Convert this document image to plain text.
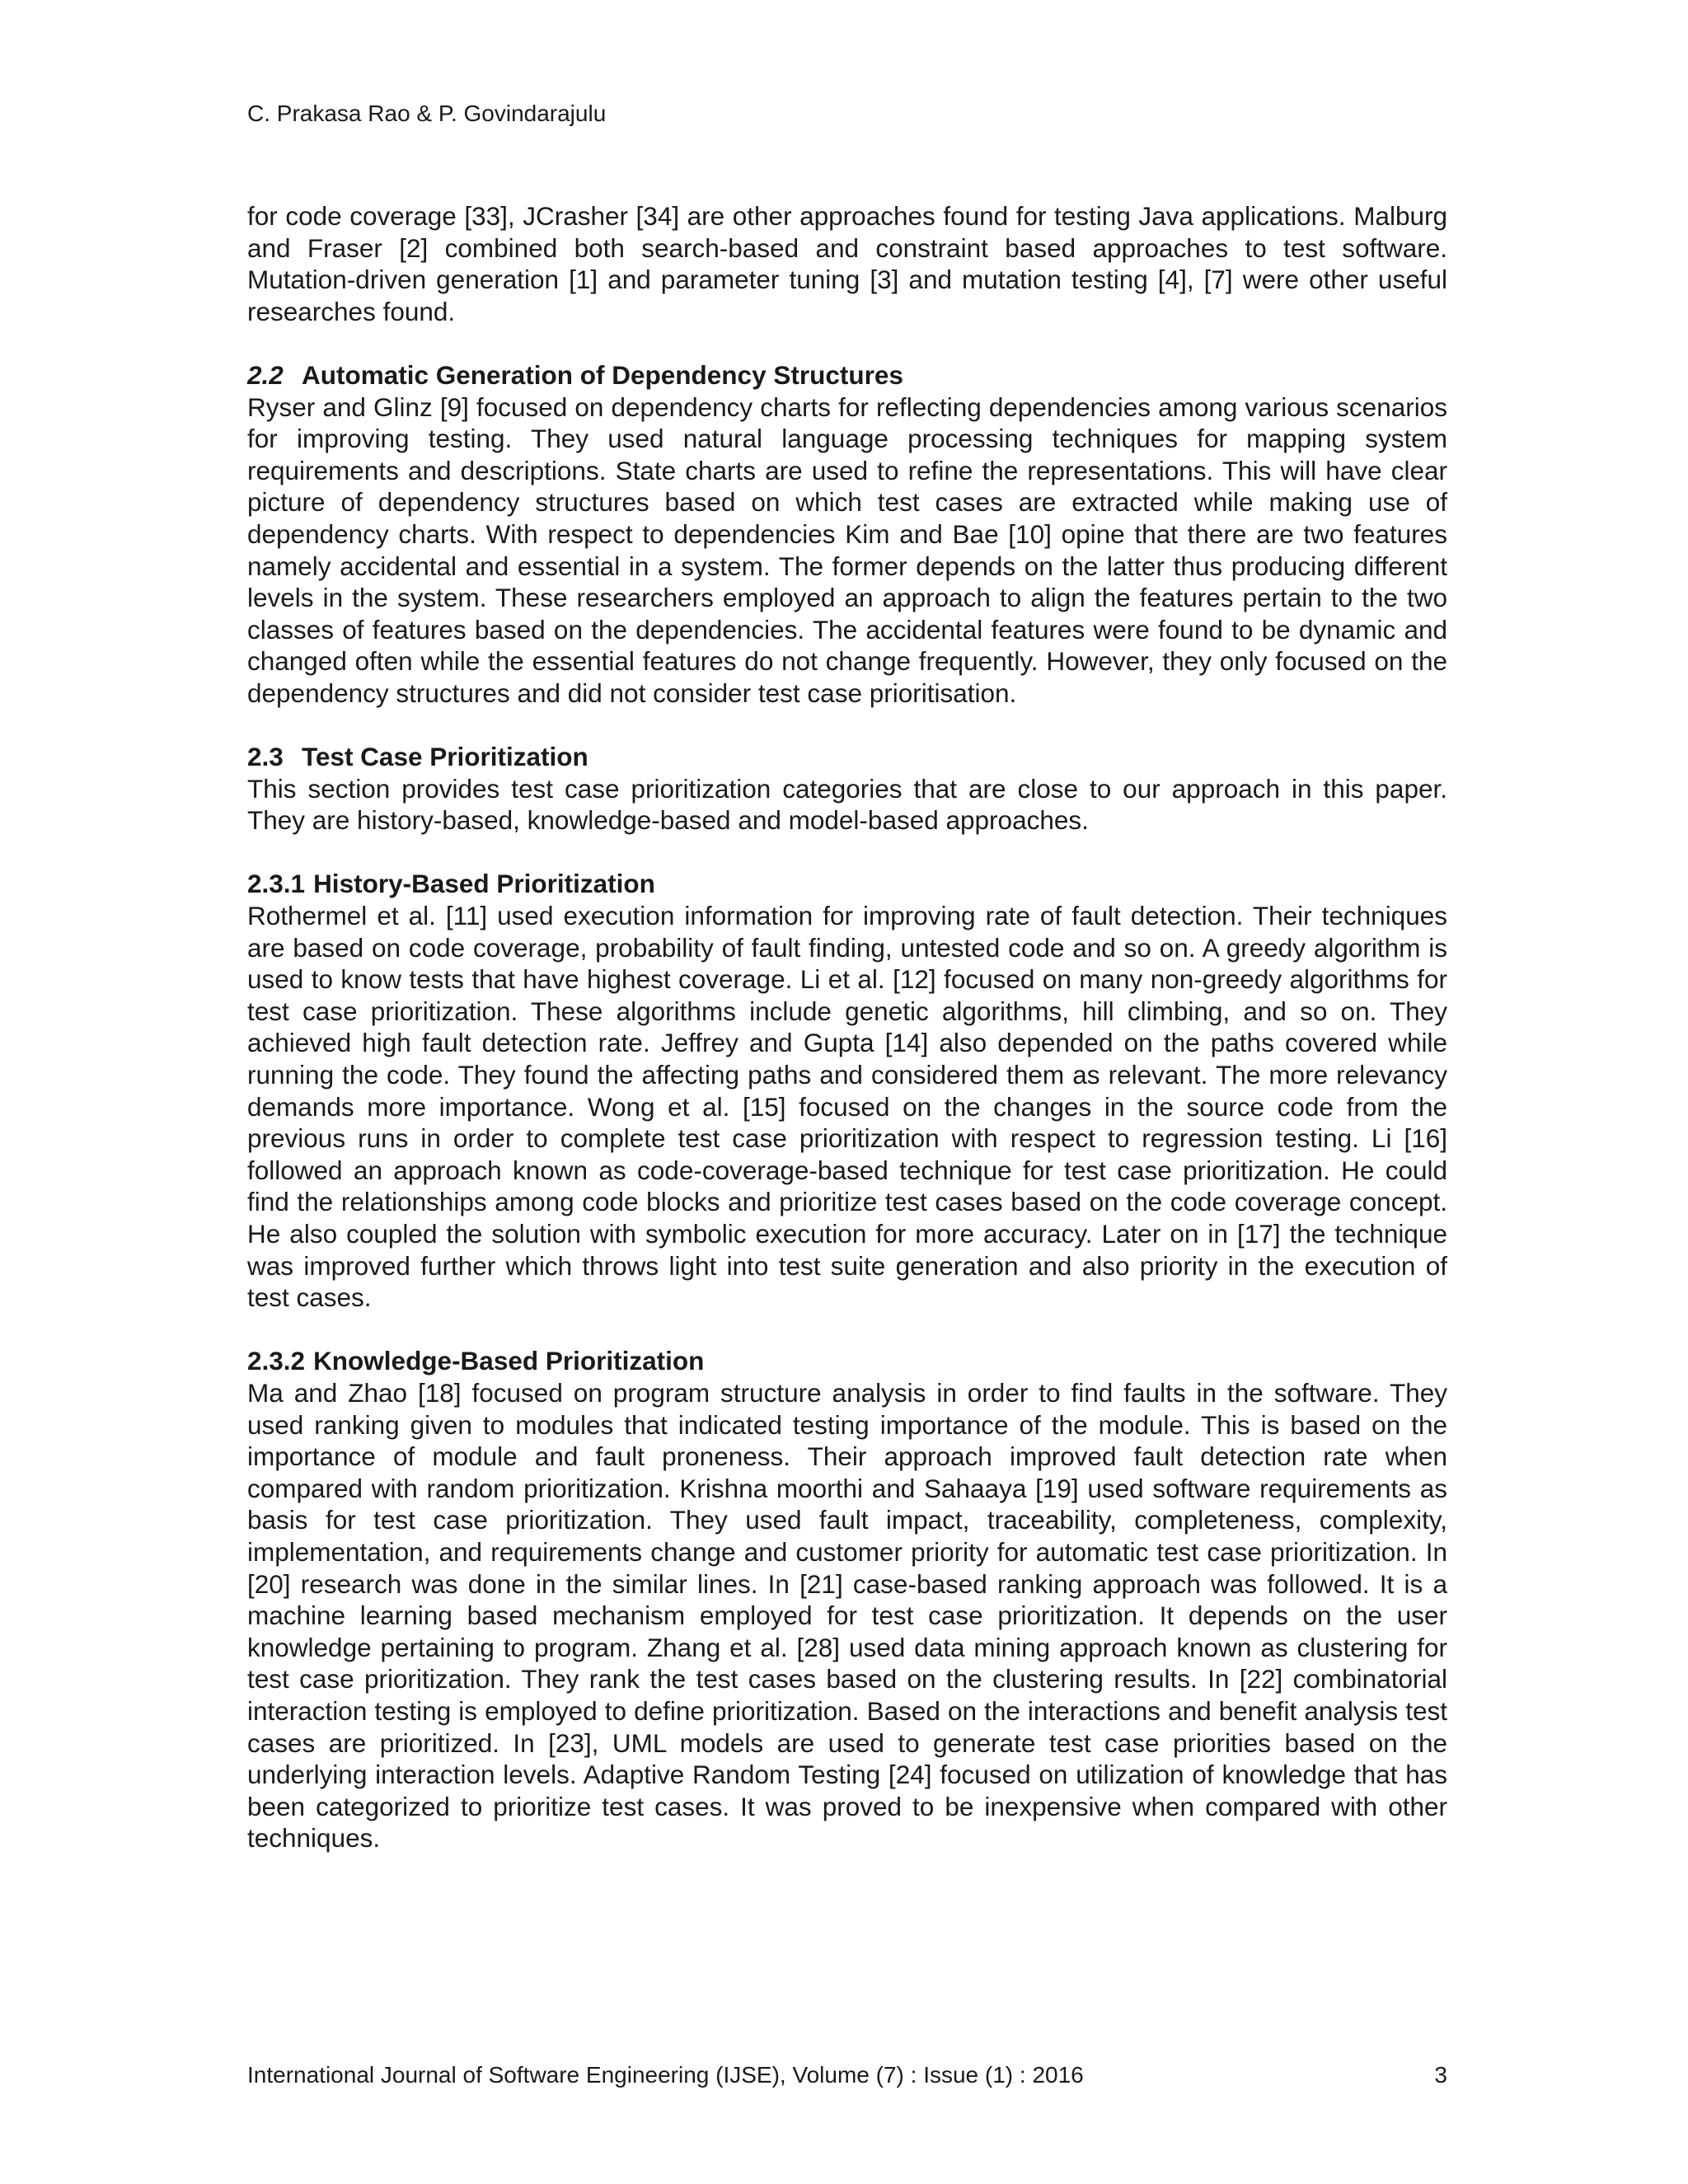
C. Prakasa Rao & P. Govindarajulu

for code coverage [33], JCrasher [34] are other approaches found for testing Java applications. Malburg and Fraser [2] combined both search-based and constraint based approaches to test software. Mutation-driven generation [1] and parameter tuning [3] and mutation testing [4], [7] were other useful researches found.

2.2 Automatic Generation of Dependency Structures

Ryser and Glinz [9] focused on dependency charts for reflecting dependencies among various scenarios for improving testing. They used natural language processing techniques for mapping system requirements and descriptions. State charts are used to refine the representations. This will have clear picture of dependency structures based on which test cases are extracted while making use of dependency charts. With respect to dependencies Kim and Bae [10] opine that there are two features namely accidental and essential in a system. The former depends on the latter thus producing different levels in the system. These researchers employed an approach to align the features pertain to the two classes of features based on the dependencies. The accidental features were found to be dynamic and changed often while the essential features do not change frequently. However, they only focused on the dependency structures and did not consider test case prioritisation.

2.3 Test Case Prioritization

This section provides test case prioritization categories that are close to our approach in this paper. They are history-based, knowledge-based and model-based approaches.

2.3.1 History-Based Prioritization

Rothermel et al. [11] used execution information for improving rate of fault detection. Their techniques are based on code coverage, probability of fault finding, untested code and so on. A greedy algorithm is used to know tests that have highest coverage. Li et al. [12] focused on many non-greedy algorithms for test case prioritization. These algorithms include genetic algorithms, hill climbing, and so on. They achieved high fault detection rate. Jeffrey and Gupta [14] also depended on the paths covered while running the code. They found the affecting paths and considered them as relevant. The more relevancy demands more importance. Wong et al. [15] focused on the changes in the source code from the previous runs in order to complete test case prioritization with respect to regression testing. Li [16] followed an approach known as code-coverage-based technique for test case prioritization. He could find the relationships among code blocks and prioritize test cases based on the code coverage concept. He also coupled the solution with symbolic execution for more accuracy. Later on in [17] the technique was improved further which throws light into test suite generation and also priority in the execution of test cases.

2.3.2 Knowledge-Based Prioritization

Ma and Zhao [18] focused on program structure analysis in order to find faults in the software. They used ranking given to modules that indicated testing importance of the module. This is based on the importance of module and fault proneness. Their approach improved fault detection rate when compared with random prioritization. Krishna moorthi and Sahaaya [19] used software requirements as basis for test case prioritization. They used fault impact, traceability, completeness, complexity, implementation, and requirements change and customer priority for automatic test case prioritization. In [20] research was done in the similar lines. In [21] case-based ranking approach was followed. It is a machine learning based mechanism employed for test case prioritization. It depends on the user knowledge pertaining to program. Zhang et al. [28] used data mining approach known as clustering for test case prioritization. They rank the test cases based on the clustering results. In [22] combinatorial interaction testing is employed to define prioritization. Based on the interactions and benefit analysis test cases are prioritized. In [23], UML models are used to generate test case priorities based on the underlying interaction levels. Adaptive Random Testing [24] focused on utilization of knowledge that has been categorized to prioritize test cases. It was proved to be inexpensive when compared with other techniques.

International Journal of Software Engineering (IJSE), Volume (7) : Issue (1) : 2016	3
